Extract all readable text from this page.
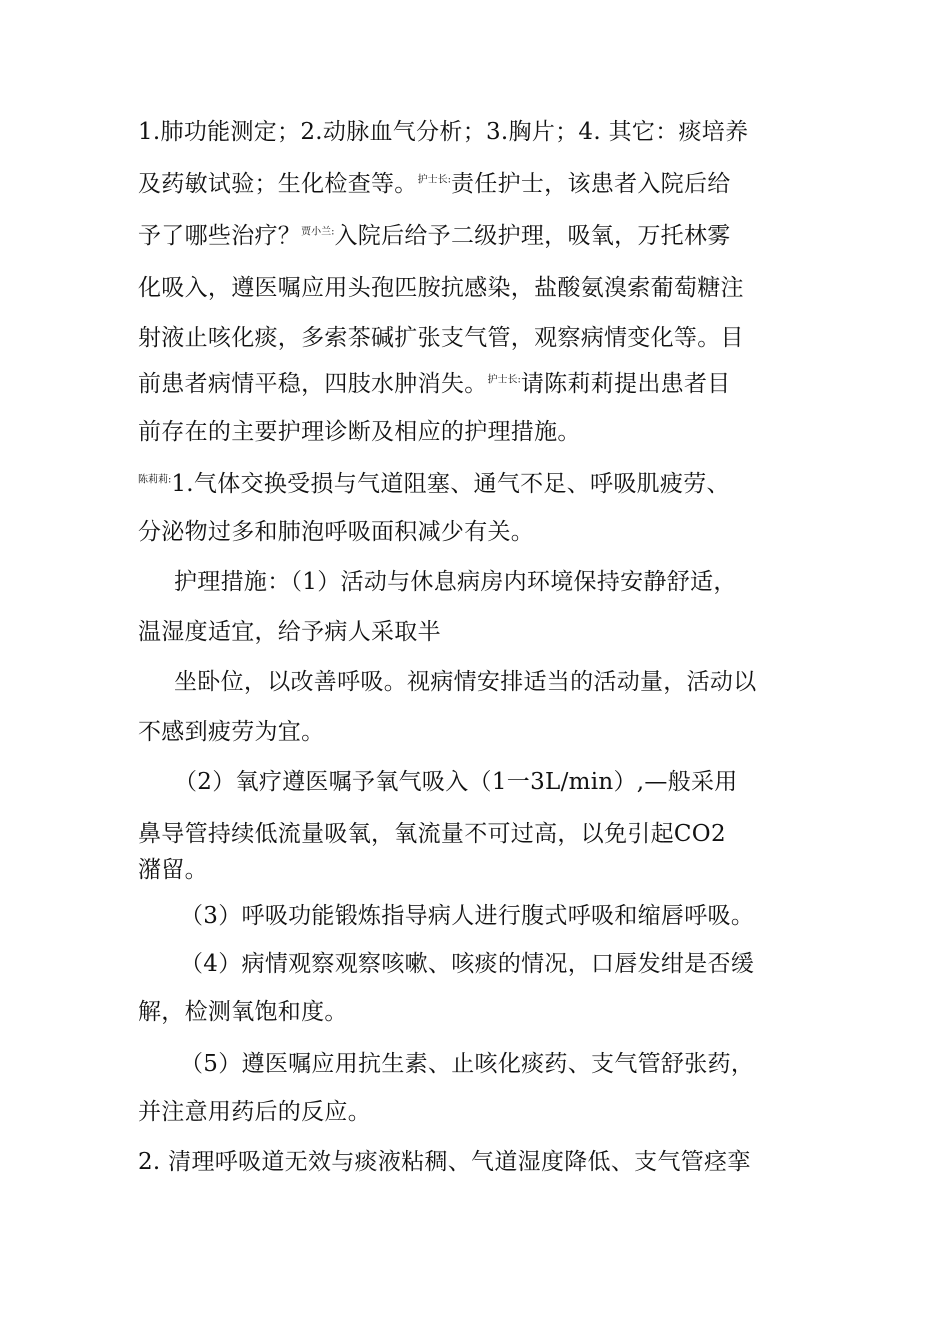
1.肺功能测定；2.动脉血气分析；3.胸片；4. 其它：痰培养
及药敏试验；生化检查等。$^{护士长:}$责任护士，该患者入院后给
予了哪些治疗？$^{贾小兰:}$入院后给予二级护理，吸氧，万托林雾
化吸入，遵医嘱应用头孢匹胺抗感染，盐酸氨溴索葡萄糖注
射液止咳化痰，多索茶碱扩张支气管，观察病情变化等。目
前患者病情平稳，四肢水肿消失。$^{护士长:}$请陈莉莉提出患者目
前存在的主要护理诊断及相应的护理措施。
$^{陈莉莉:}$1.气体交换受损与气道阻塞、通气不足、呼吸肌疲劳、
分泌物过多和肺泡呼吸面积减少有关。
护理措施：（1）活动与休息病房内环境保持安静舒适，
温湿度适宜，给予病人采取半
坐卧位，以改善呼吸。视病情安排适当的活动量，活动以
不感到疲劳为宜。
（2）氧疗遵医嘱予氧气吸入（1一3L/min）,—般采用
鼻导管持续低流量吸氧，氧流量不可过高，以免引起CO2
潴留。
（3）呼吸功能锻炼指导病人进行腹式呼吸和缩唇呼吸。
（4）病情观察观察咳嗽、咳痰的情况，口唇发绀是否缓
解，检测氧饱和度。
（5）遵医嘱应用抗生素、止咳化痰药、支气管舒张药，
并注意用药后的反应。
2. 清理呼吸道无效与痰液粘稠、气道湿度降低、支气管痉挛
